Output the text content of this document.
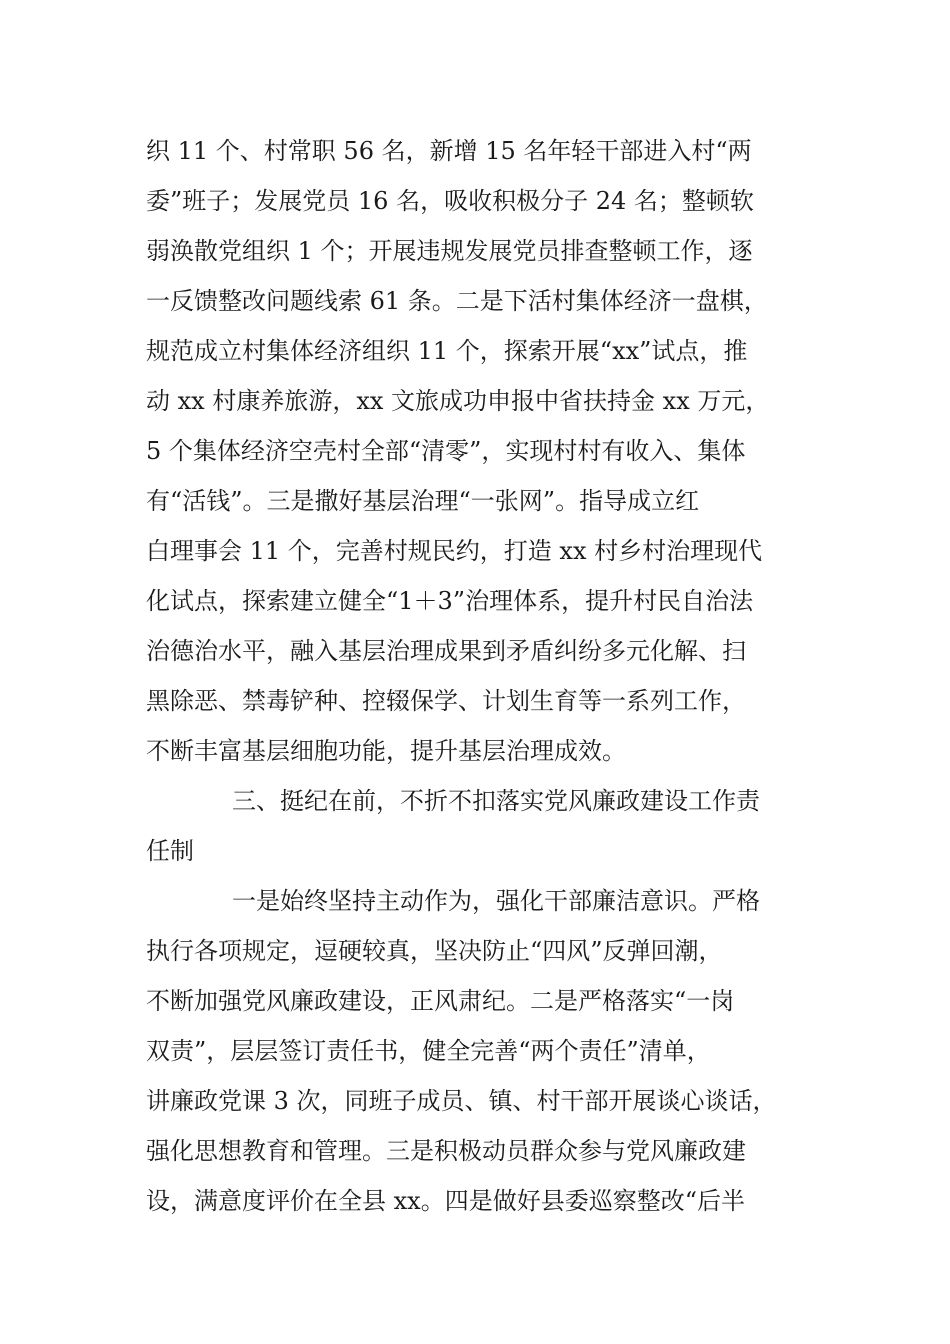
织 11 个、村常职 56 名，新增 15 名年轻干部进入村“两
委”班子；发展党员 16 名，吸收积极分子 24 名；整顿软
弱涣散党组织 1 个；开展违规发展党员排查整顿工作，逐
一反馈整改问题线索 61 条。二是下活村集体经济一盘棋，
规范成立村集体经济组织 11 个，探索开展“xx”试点，推
动 xx 村康养旅游，xx 文旅成功申报中省扶持金 xx 万元，
5 个集体经济空壳村全部“清零”，实现村村有收入、集体
有“活钱”。三是撒好基层治理“一张网”。指导成立红
白理事会 11 个，完善村规民约，打造 xx 村乡村治理现代
化试点，探索建立健全“1＋3”治理体系，提升村民自治法
治德治水平，融入基层治理成果到矛盾纠纷多元化解、扫
黑除恶、禁毒铲种、控辍保学、计划生育等一系列工作，
不断丰富基层细胞功能，提升基层治理成效。
三、挺纪在前，不折不扣落实党风廉政建设工作责
任制
一是始终坚持主动作为，强化干部廉洁意识。严格
执行各项规定，逗硬较真，坚决防止“四风”反弹回潮，
不断加强党风廉政建设，正风肃纪。二是严格落实“一岗
双责”，层层签订责任书，健全完善“两个责任”清单，
讲廉政党课 3 次，同班子成员、镇、村干部开展谈心谈话，
强化思想教育和管理。三是积极动员群众参与党风廉政建
设，满意度评价在全县 xx。四是做好县委巡察整改“后半
